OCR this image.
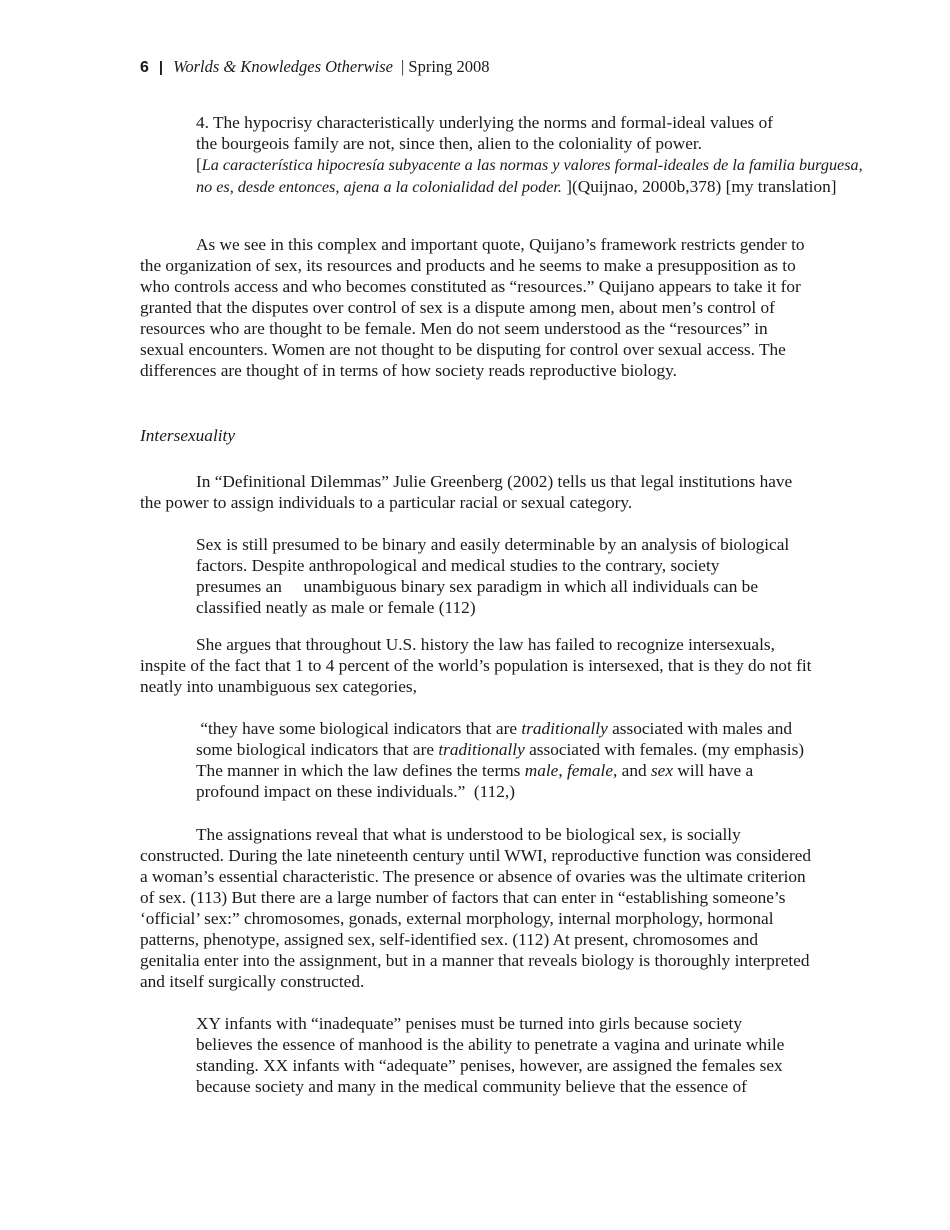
6 | Worlds & Knowledges Otherwise | Spring 2008
4. The hypocrisy characteristically underlying the norms and formal-ideal values of
the bourgeois family are not, since then, alien to the coloniality of power.
[La característica hipocresía subyacente a las normas y valores formal-ideales de la familia burguesa,
no es, desde entonces, ajena a la colonialidad del poder. ](Quijnao, 2000b,378) [my translation]

As we see in this complex and important quote, Quijano’s framework restricts gender to the organization of sex, its resources and products and he seems to make a presupposition as to who controls access and who becomes constituted as “resources.” Quijano appears to take it for granted that the disputes over control of sex is a dispute among men, about men’s control of resources who are thought to be female. Men do not seem understood as the “resources” in sexual encounters. Women are not thought to be disputing for control over sexual access. The differences are thought of in terms of how society reads reproductive biology.

Intersexuality

In “Definitional Dilemmas” Julie Greenberg (2002) tells us that legal institutions have the power to assign individuals to a particular racial or sexual category.

Sex is still presumed to be binary and easily determinable by an analysis of biological
factors. Despite anthropological and medical studies to the contrary, society
presumes an     unambiguous binary sex paradigm in which all individuals can be
classified neatly as male or female (112)

She argues that throughout U.S. history the law has failed to recognize intersexuals, inspite of the fact that 1 to 4 percent of the world’s population is intersexed, that is they do not fit neatly into unambiguous sex categories,

“they have some biological indicators that are traditionally associated with males and
some biological indicators that are traditionally associated with females. (my emphasis)
The manner in which the law defines the terms male, female, and sex will have a
profound impact on these individuals.”  (112,)

The assignations reveal that what is understood to be biological sex, is socially constructed. During the late nineteenth century until WWI, reproductive function was considered a woman’s essential characteristic. The presence or absence of ovaries was the ultimate criterion of sex. (113) But there are a large number of factors that can enter in “establishing someone’s ‘official’ sex:” chromosomes, gonads, external morphology, internal morphology, hormonal patterns, phenotype, assigned sex, self-identified sex. (112) At present, chromosomes and genitalia enter into the assignment, but in a manner that reveals biology is thoroughly interpreted and itself surgically constructed.

XY infants with “inadequate” penises must be turned into girls because society
believes the essence of manhood is the ability to penetrate a vagina and urinate while
standing. XX infants with “adequate” penises, however, are assigned the females sex
because society and many in the medical community believe that the essence of
